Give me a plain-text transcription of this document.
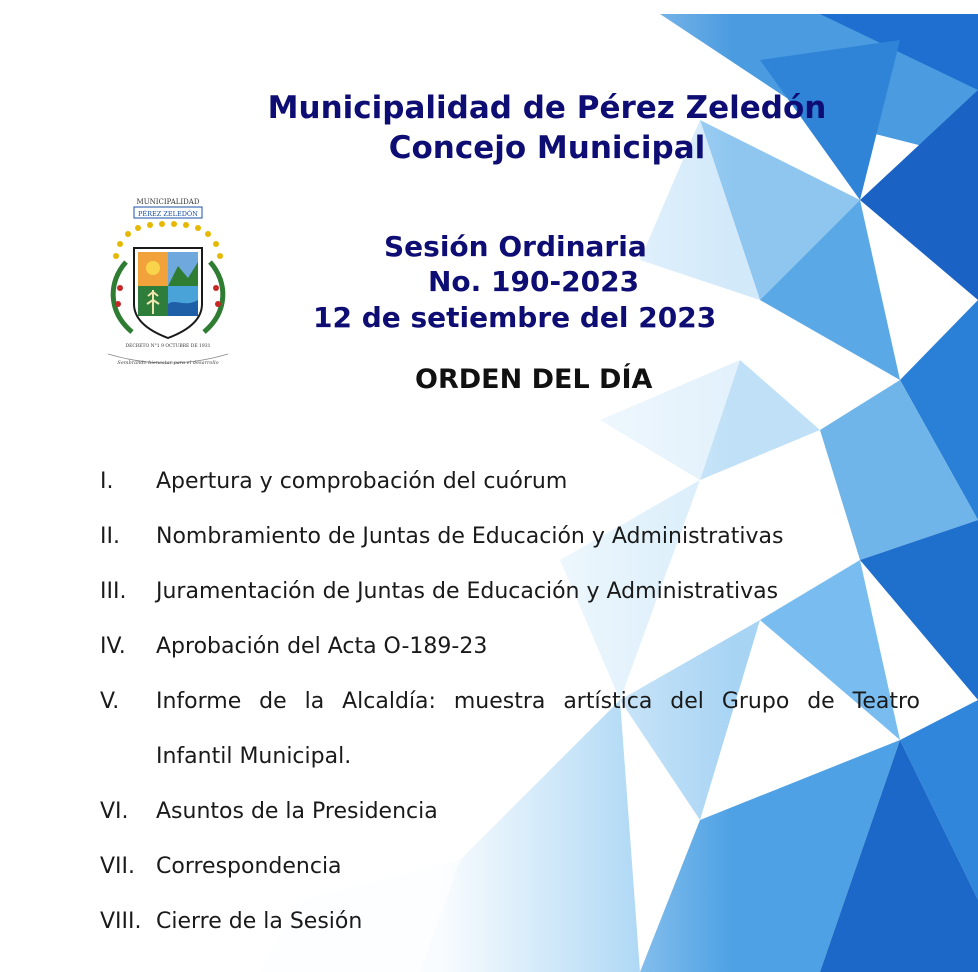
Municipalidad de Pérez Zeledón
Concejo Municipal
MUNICIPALIDAD
PÉREZ ZELEDÓN
DECRETO N°1 9 OCTUBRE DE 1931
Sembrando bienestar para el desarrollo
Sesión Ordinaria
No. 190-2023
12 de setiembre del 2023
ORDEN DEL DÍA
I. Apertura y comprobación del cuórum
II. Nombramiento de Juntas de Educación y Administrativas
III. Juramentación de Juntas de Educación y Administrativas
IV. Aprobación del Acta O-189-23
V. Informe de la Alcaldía: muestra artística del Grupo de Teatro
Infantil Municipal.
VI. Asuntos de la Presidencia
VII. Correspondencia
VIII. Cierre de la Sesión
